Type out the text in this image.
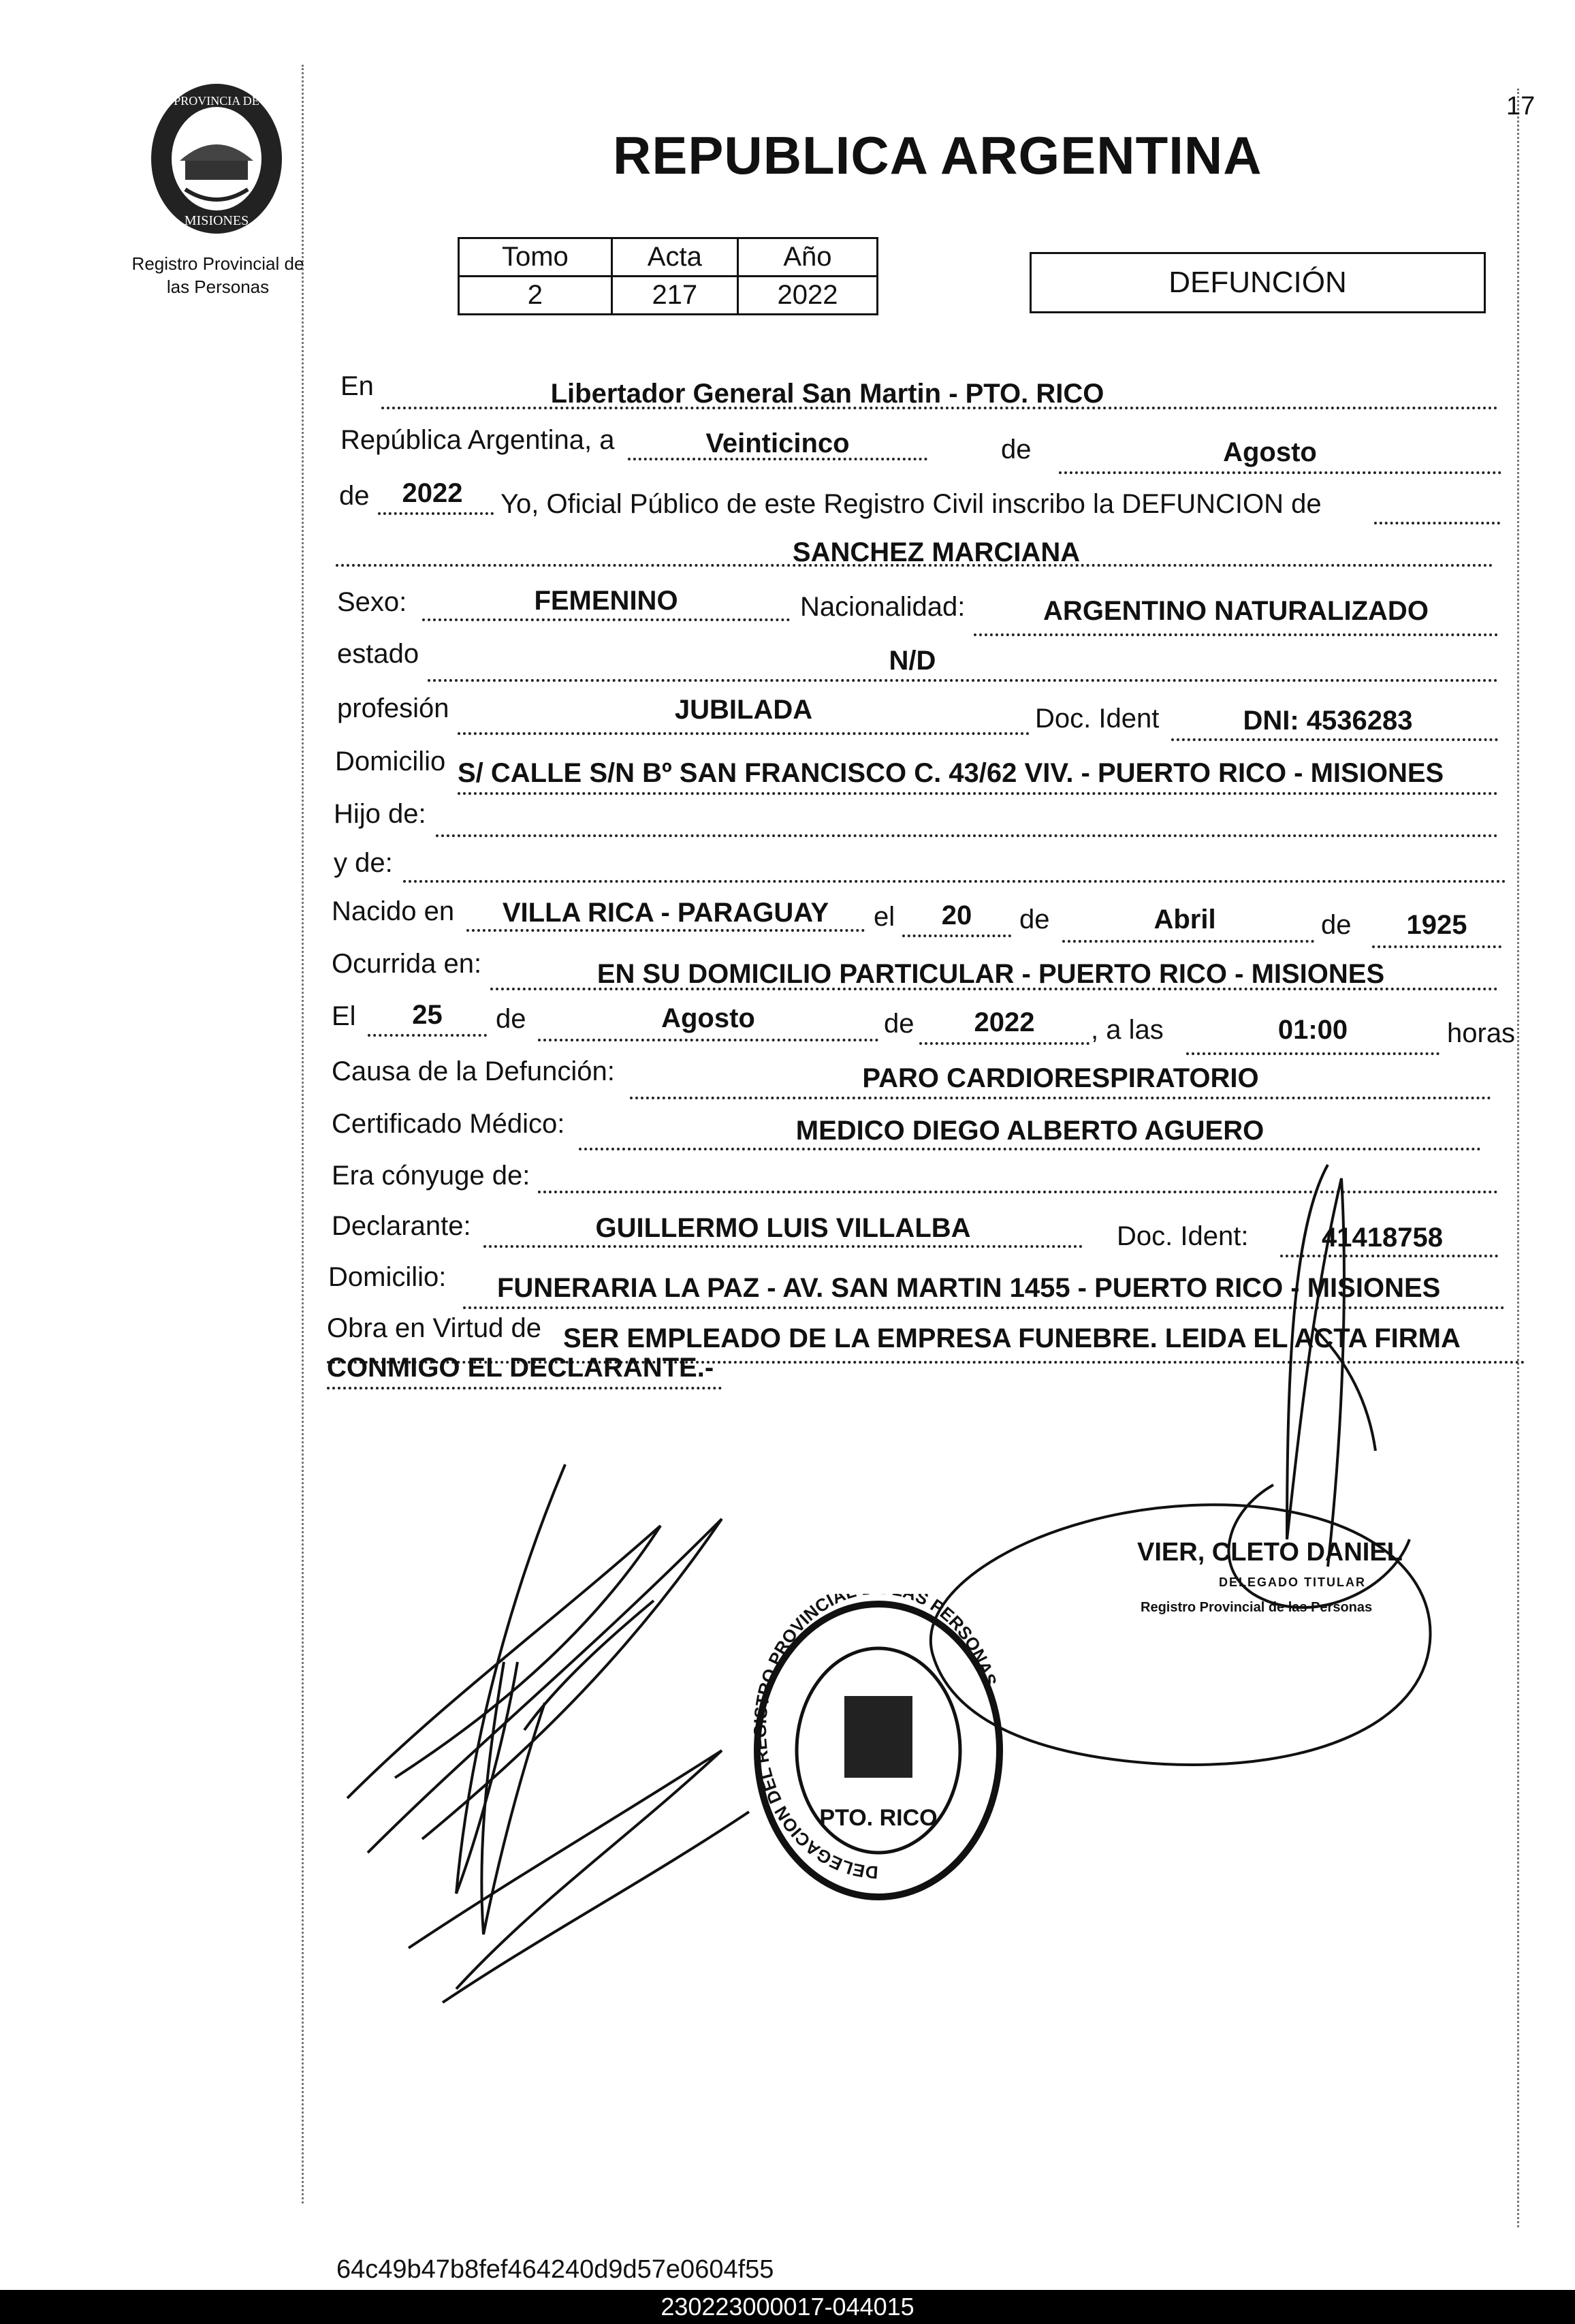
17
PROVINCIA DE
MISIONES
Registro Provincial de
las Personas
REPUBLICA ARGENTINA
Tomo	Acta	Año
2	217	2022	DEFUNCIÓN
En	Libertador General San Martin - PTO. RICO
República Argentina, a	Veinticinco	de	Agosto
de	2022	Yo, Oficial Público de este Registro Civil inscribo la DEFUNCION de
SANCHEZ MARCIANA
Sexo:	FEMENINO	Nacionalidad:	ARGENTINO NATURALIZADO
estado	N/D
profesión	JUBILADA	Doc. Ident	DNI: 4536283
Domicilio S/ CALLE S/N Bº SAN FRANCISCO C. 43/62 VIV. - PUERTO RICO - MISIONES
Hijo de:
y de:
Nacido en	VILLA RICA - PARAGUAY	el	20	de	Abril	de	1925
Ocurrida en:	EN SU DOMICILIO PARTICULAR - PUERTO RICO - MISIONES
El	25	de	Agosto	de	2022	, a las	01:00	horas
Causa de la Defunción:	PARO CARDIORESPIRATORIO
Certificado Médico:	MEDICO DIEGO ALBERTO AGUERO
Era cónyuge de:
Declarante:	GUILLERMO LUIS VILLALBA	Doc. Ident:	41418758
Domicilio: FUNERARIA LA PAZ - AV. SAN MARTIN 1455 - PUERTO RICO - MISIONES
Obra en Virtud de SER EMPLEADO DE LA EMPRESA FUNEBRE. LEIDA EL ACTA FIRMA
CONMIGO EL DECLARANTE.-
VIER, CLETO DANIEL
DELEGADO TITULAR
Registro Provincial de las Personas
DELEGACION DEL REGISTRO PROVINCIA S PERSONAS
PTO. RICO
64c49b47b8fef464240d9d57e0604f55
230223000017-044015
